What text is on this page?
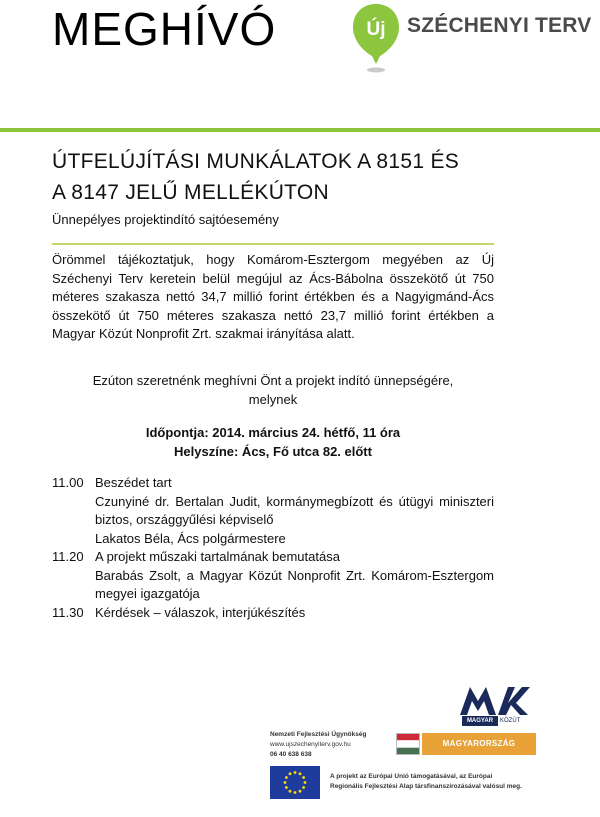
MEGHÍVÓ	Új SZÉCHENYI TERV
ÚTFELÚJÍTÁSI MUNKÁLATOK A 8151 ÉS
A 8147 JELŰ MELLÉKÚTON
Ünnepélyes projektindító sajtóesemény
Örömmel tájékoztatjuk, hogy Komárom-Esztergom megyében az Új Széchenyi Terv keretein belül megújul az Ács-Bábolna összekötő út 750 méteres szakasza nettó 34,7 millió forint értékben és a Nagyigmánd-Ács összekötő út 750 méteres szakasza nettó 23,7 millió forint értékben a Magyar Közút Nonprofit Zrt. szakmai irányítása alatt.
Ezúton szeretnénk meghívni Önt a projekt indító ünnepségére,
melynek
Időpontja: 2014. március 24. hétfő, 11 óra
Helyszíne: Ács, Fő utca 82. előtt
11.00 Beszédet tart
Czunyiné dr. Bertalan Judit, kormánymegbízott és útügyi miniszteri biztos, országgyűlési képviselő
Lakatos Béla, Ács polgármestere
11.20 A projekt műszaki tartalmának bemutatása
Barabás Zsolt, a Magyar Közút Nonprofit Zrt. Komárom-Esztergom megyei igazgatója
11.30 Kérdések – válaszok, interjúkészítés
MAGYAR	KÖZÚT
Nemzeti Fejlesztési Ügynökség
www.ujszechenyiterv.gov.hu
06 40 638 638
MAGYARORSZÁG MEGÚJUL
A projekt az Európai Unió támogatásával, az Európai
Regionális Fejlesztési Alap társfinanszírozásával valósul meg.
